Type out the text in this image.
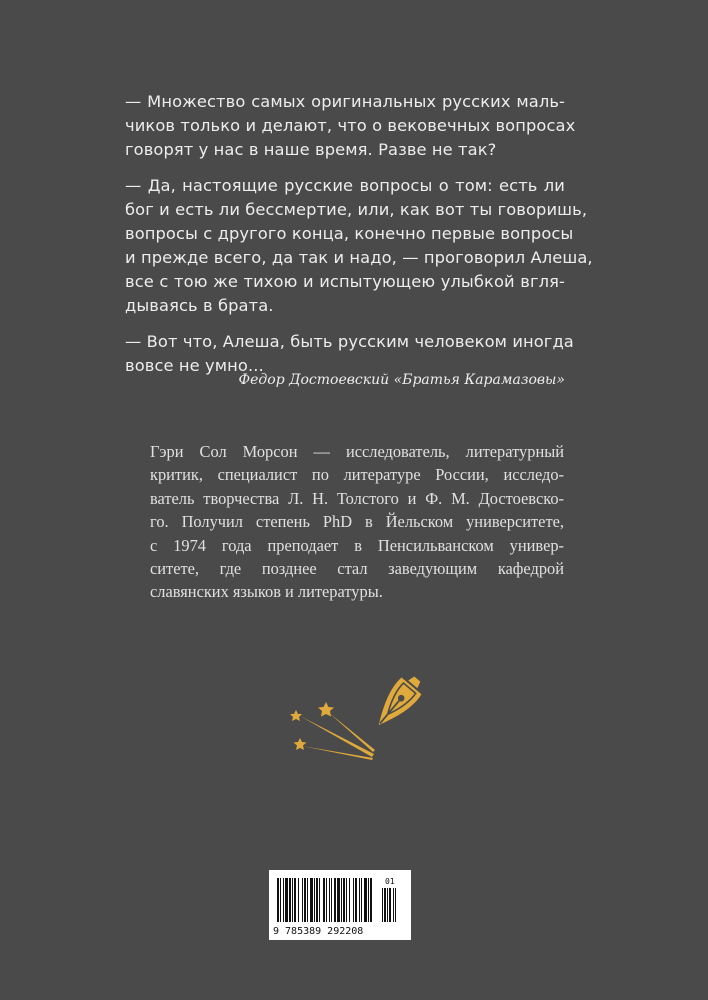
— Множество самых оригинальных русских маль-
чиков только и делают, что о вековечных вопросах
говорят у нас в наше время. Разве не так?

— Да, настоящие русские вопросы о том: есть ли
бог и есть ли бессмертие, или, как вот ты говоришь,
вопросы с другого конца, конечно первые вопросы
и прежде всего, да так и надо, — проговорил Алеша,
все с тою же тихою и испытующею улыбкой вгля-
дываясь в брата.

— Вот что, Алеша, быть русским человеком иногда
вовсе не умно...

Федор Достоевский «Братья Карамазовы»
Гэри Сол Морсон — исследователь, литературный
критик, специалист по литературе России, исследо-
ватель творчества Л. Н. Толстого и Ф. М. Достоевско-
го. Получил степень PhD в Йельском университете,
с 1974 года преподает в Пенсильванском универ-
ситете, где позднее стал заведующим кафедрой
славянских языков и литературы.
9 785389 292208
01
